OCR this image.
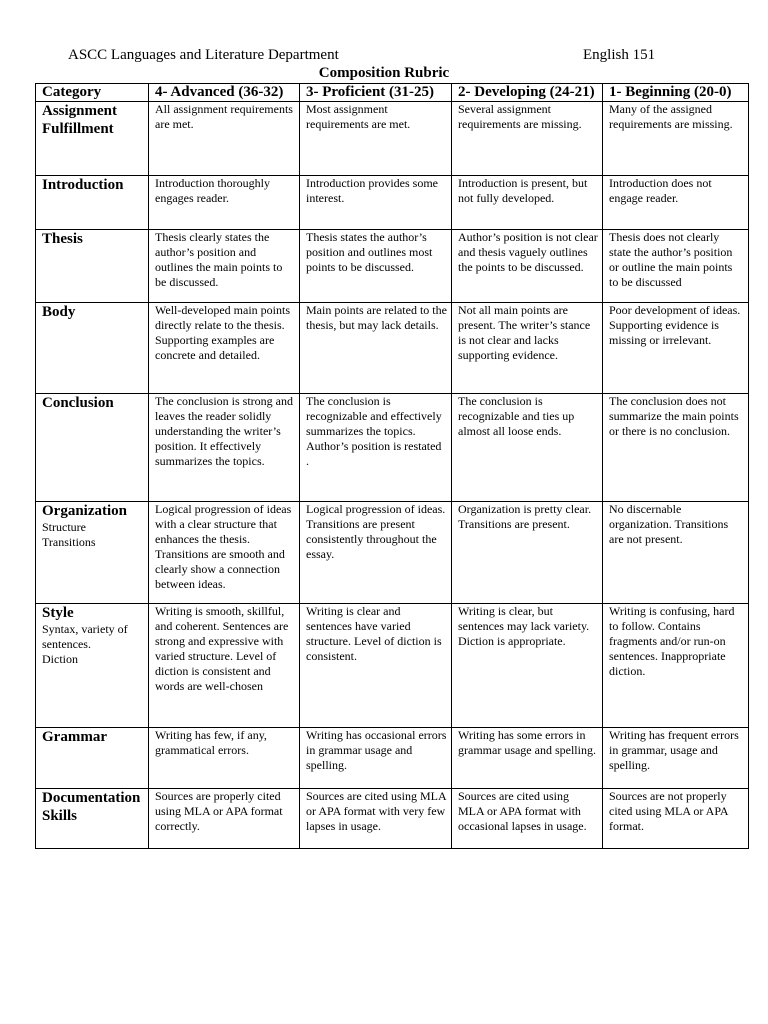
ASCC Languages and Literature Department	English 151
Composition Rubric
Category	4- Advanced (36-32)	3- Proficient (31-25)	2- Developing (24-21)	1- Beginning (20-0)

Assignment Fulfillment	All assignment requirements are met.	Most assignment requirements are met.	Several assignment requirements are missing.	Many of the assigned requirements are missing.

Introduction	Introduction thoroughly engages reader.	Introduction provides some interest.	Introduction is present, but not fully developed.	Introduction does not engage reader.

Thesis	Thesis clearly states the author’s position and outlines the main points to be discussed.	Thesis states the author’s position and outlines most points to be discussed.	Author’s position is not clear and thesis vaguely outlines the points to be discussed.	Thesis does not clearly state the author’s position or outline the main points to be discussed

Body	Well-developed main points directly relate to the thesis. Supporting examples are concrete and detailed.	Main points are related to the thesis, but may lack details.	Not all main points are present. The writer’s stance is not clear and lacks supporting evidence.	Poor development of ideas. Supporting evidence is missing or irrelevant.

Conclusion	The conclusion is strong and leaves the reader solidly understanding the writer’s position. It effectively summarizes the topics.	The conclusion is recognizable and effectively summarizes the topics. Author’s position is restated .	The conclusion is recognizable and ties up almost all loose ends.	The conclusion does not summarize the main points or there is no conclusion.

Organization
Structure
Transitions	Logical progression of ideas with a clear structure that enhances the thesis. Transitions are smooth and clearly show a connection between ideas.	Logical progression of ideas. Transitions are present consistently throughout the essay.	Organization is pretty clear. Transitions are present.	No discernable organization. Transitions are not present.

Style
Syntax, variety of sentences.
Diction	Writing is smooth, skillful, and coherent. Sentences are strong and expressive with varied structure. Level of diction is consistent and words are well-chosen	Writing is clear and sentences have varied structure. Level of diction is consistent.	Writing is clear, but sentences may lack variety. Diction is appropriate.	Writing is confusing, hard to follow. Contains fragments and/or run-on sentences. Inappropriate diction.

Grammar	Writing has few, if any, grammatical errors.	Writing has occasional errors in grammar usage and spelling.	Writing has some errors in grammar usage and spelling.	Writing has frequent errors in grammar, usage and spelling.

Documentation Skills	Sources are properly cited using MLA or APA format correctly.	Sources are cited using MLA or APA format with very few lapses in usage.	Sources are cited using MLA or APA format with occasional lapses in usage.	Sources are not properly cited using MLA or APA format.
